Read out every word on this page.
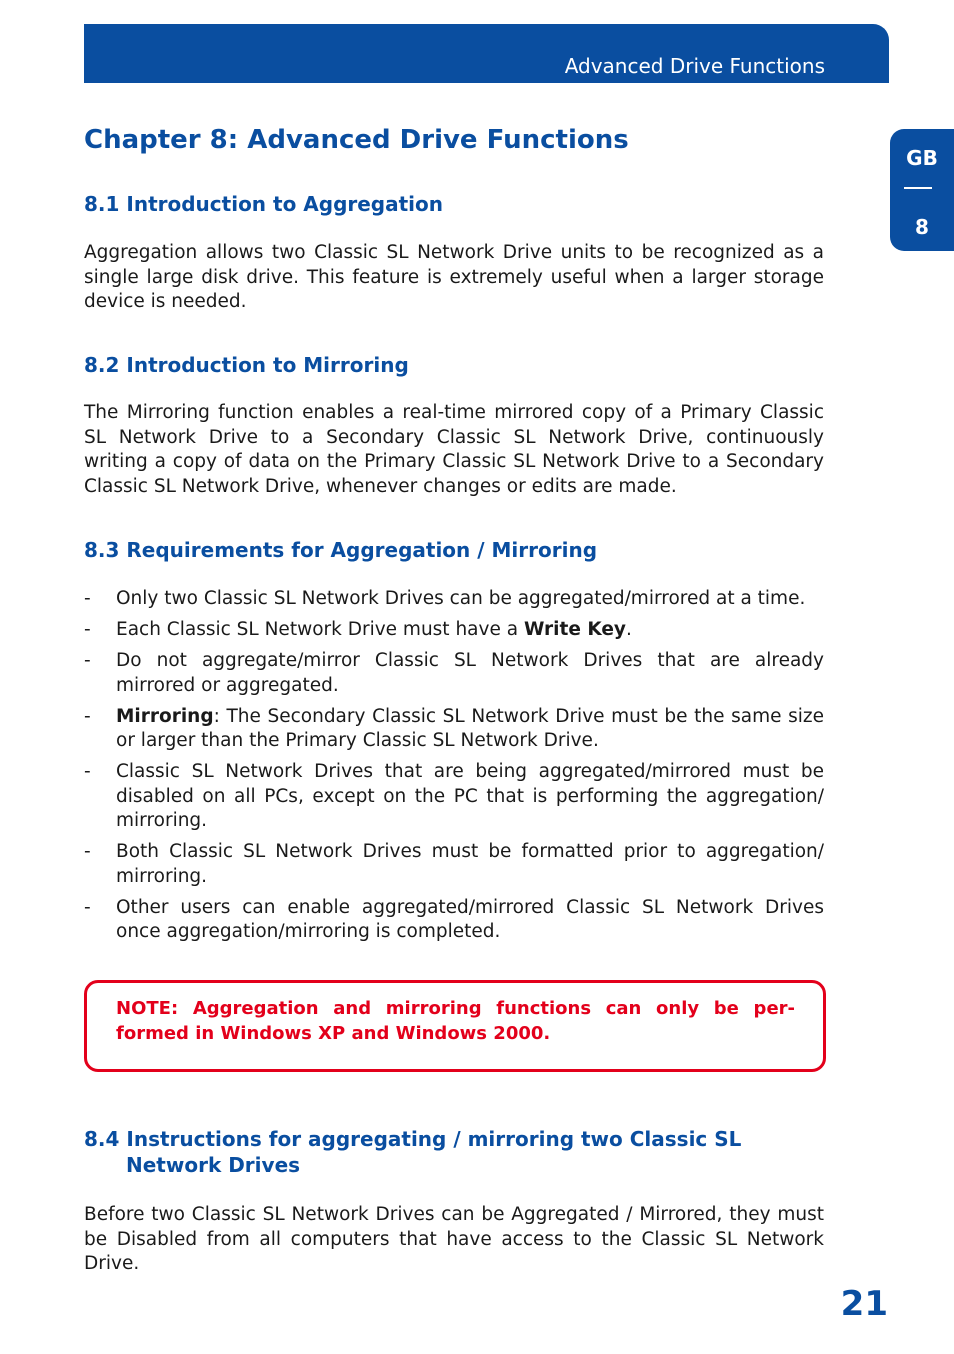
Advanced Drive Functions
GB
8
Chapter 8: Advanced Drive Functions
8.1 Introduction to Aggregation

Aggregation allows two Classic SL Network Drive units to be recognized as a single large disk drive. This feature is extremely useful when a larger storage device is needed.

8.2 Introduction to Mirroring

The Mirroring function enables a real-time mirrored copy of a Primary Classic SL Network Drive to a Secondary Classic SL Network Drive, continuously writing a copy of data on the Primary Classic SL Network Drive to a Secondary Classic SL Network Drive, whenever changes or edits are made.

8.3 Requirements for Aggregation / Mirroring
- Only two Classic SL Network Drives can be aggregated/mirrored at a time.
- Each Classic SL Network Drive must have a Write Key.
- Do not aggregate/mirror Classic SL Network Drives that are already mirrored or aggregated.
- Mirroring: The Secondary Classic SL Network Drive must be the same size or larger than the Primary Classic SL Network Drive.
- Classic SL Network Drives that are being aggregated/mirrored must be disabled on all PCs, except on the PC that is performing the aggregation/ mirroring.
- Both Classic SL Network Drives must be formatted prior to aggregation/ mirroring.
- Other users can enable aggregated/mirrored Classic SL Network Drives once aggregation/mirroring is completed.
8.4 Instructions for aggregating / mirroring two Classic SL
Network Drives

Before two Classic SL Network Drives can be Aggregated / Mirrored, they must be Disabled from all computers that have access to the Classic SL Network Drive.

NOTE: Aggregation and mirroring functions can only be per- formed in Windows XP and Windows 2000.
21
